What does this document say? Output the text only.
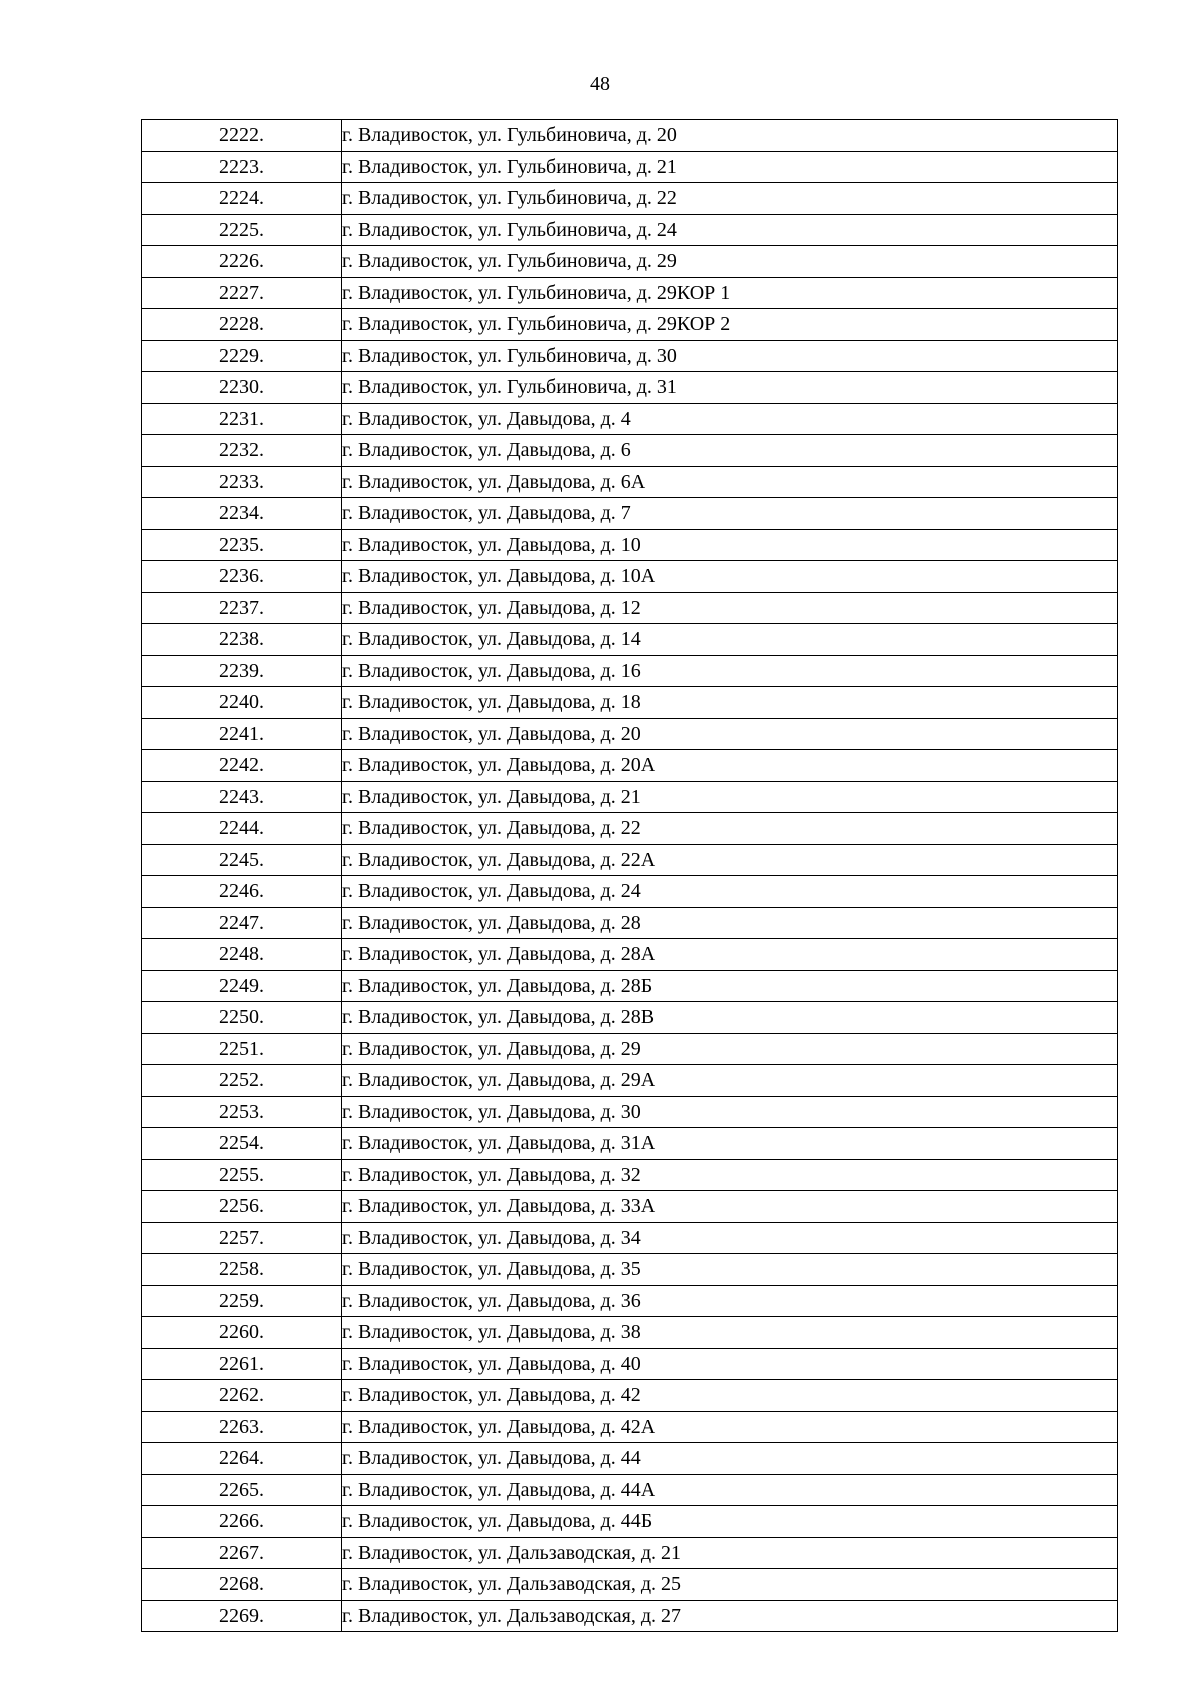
48
2222.	г. Владивосток, ул. Гульбиновича, д. 20
2223.	г. Владивосток, ул. Гульбиновича, д. 21
2224.	г. Владивосток, ул. Гульбиновича, д. 22
2225.	г. Владивосток, ул. Гульбиновича, д. 24
2226.	г. Владивосток, ул. Гульбиновича, д. 29
2227.	г. Владивосток, ул. Гульбиновича, д. 29КОР 1
2228.	г. Владивосток, ул. Гульбиновича, д. 29КОР 2
2229.	г. Владивосток, ул. Гульбиновича, д. 30
2230.	г. Владивосток, ул. Гульбиновича, д. 31
2231.	г. Владивосток, ул. Давыдова, д. 4
2232.	г. Владивосток, ул. Давыдова, д. 6
2233.	г. Владивосток, ул. Давыдова, д. 6А
2234.	г. Владивосток, ул. Давыдова, д. 7
2235.	г. Владивосток, ул. Давыдова, д. 10
2236.	г. Владивосток, ул. Давыдова, д. 10А
2237.	г. Владивосток, ул. Давыдова, д. 12
2238.	г. Владивосток, ул. Давыдова, д. 14
2239.	г. Владивосток, ул. Давыдова, д. 16
2240.	г. Владивосток, ул. Давыдова, д. 18
2241.	г. Владивосток, ул. Давыдова, д. 20
2242.	г. Владивосток, ул. Давыдова, д. 20А
2243.	г. Владивосток, ул. Давыдова, д. 21
2244.	г. Владивосток, ул. Давыдова, д. 22
2245.	г. Владивосток, ул. Давыдова, д. 22А
2246.	г. Владивосток, ул. Давыдова, д. 24
2247.	г. Владивосток, ул. Давыдова, д. 28
2248.	г. Владивосток, ул. Давыдова, д. 28А
2249.	г. Владивосток, ул. Давыдова, д. 28Б
2250.	г. Владивосток, ул. Давыдова, д. 28В
2251.	г. Владивосток, ул. Давыдова, д. 29
2252.	г. Владивосток, ул. Давыдова, д. 29А
2253.	г. Владивосток, ул. Давыдова, д. 30
2254.	г. Владивосток, ул. Давыдова, д. 31А
2255.	г. Владивосток, ул. Давыдова, д. 32
2256.	г. Владивосток, ул. Давыдова, д. 33А
2257.	г. Владивосток, ул. Давыдова, д. 34
2258.	г. Владивосток, ул. Давыдова, д. 35
2259.	г. Владивосток, ул. Давыдова, д. 36
2260.	г. Владивосток, ул. Давыдова, д. 38
2261.	г. Владивосток, ул. Давыдова, д. 40
2262.	г. Владивосток, ул. Давыдова, д. 42
2263.	г. Владивосток, ул. Давыдова, д. 42А
2264.	г. Владивосток, ул. Давыдова, д. 44
2265.	г. Владивосток, ул. Давыдова, д. 44А
2266.	г. Владивосток, ул. Давыдова, д. 44Б
2267.	г. Владивосток, ул. Дальзаводская, д. 21
2268.	г. Владивосток, ул. Дальзаводская, д. 25
2269.	г. Владивосток, ул. Дальзаводская, д. 27
